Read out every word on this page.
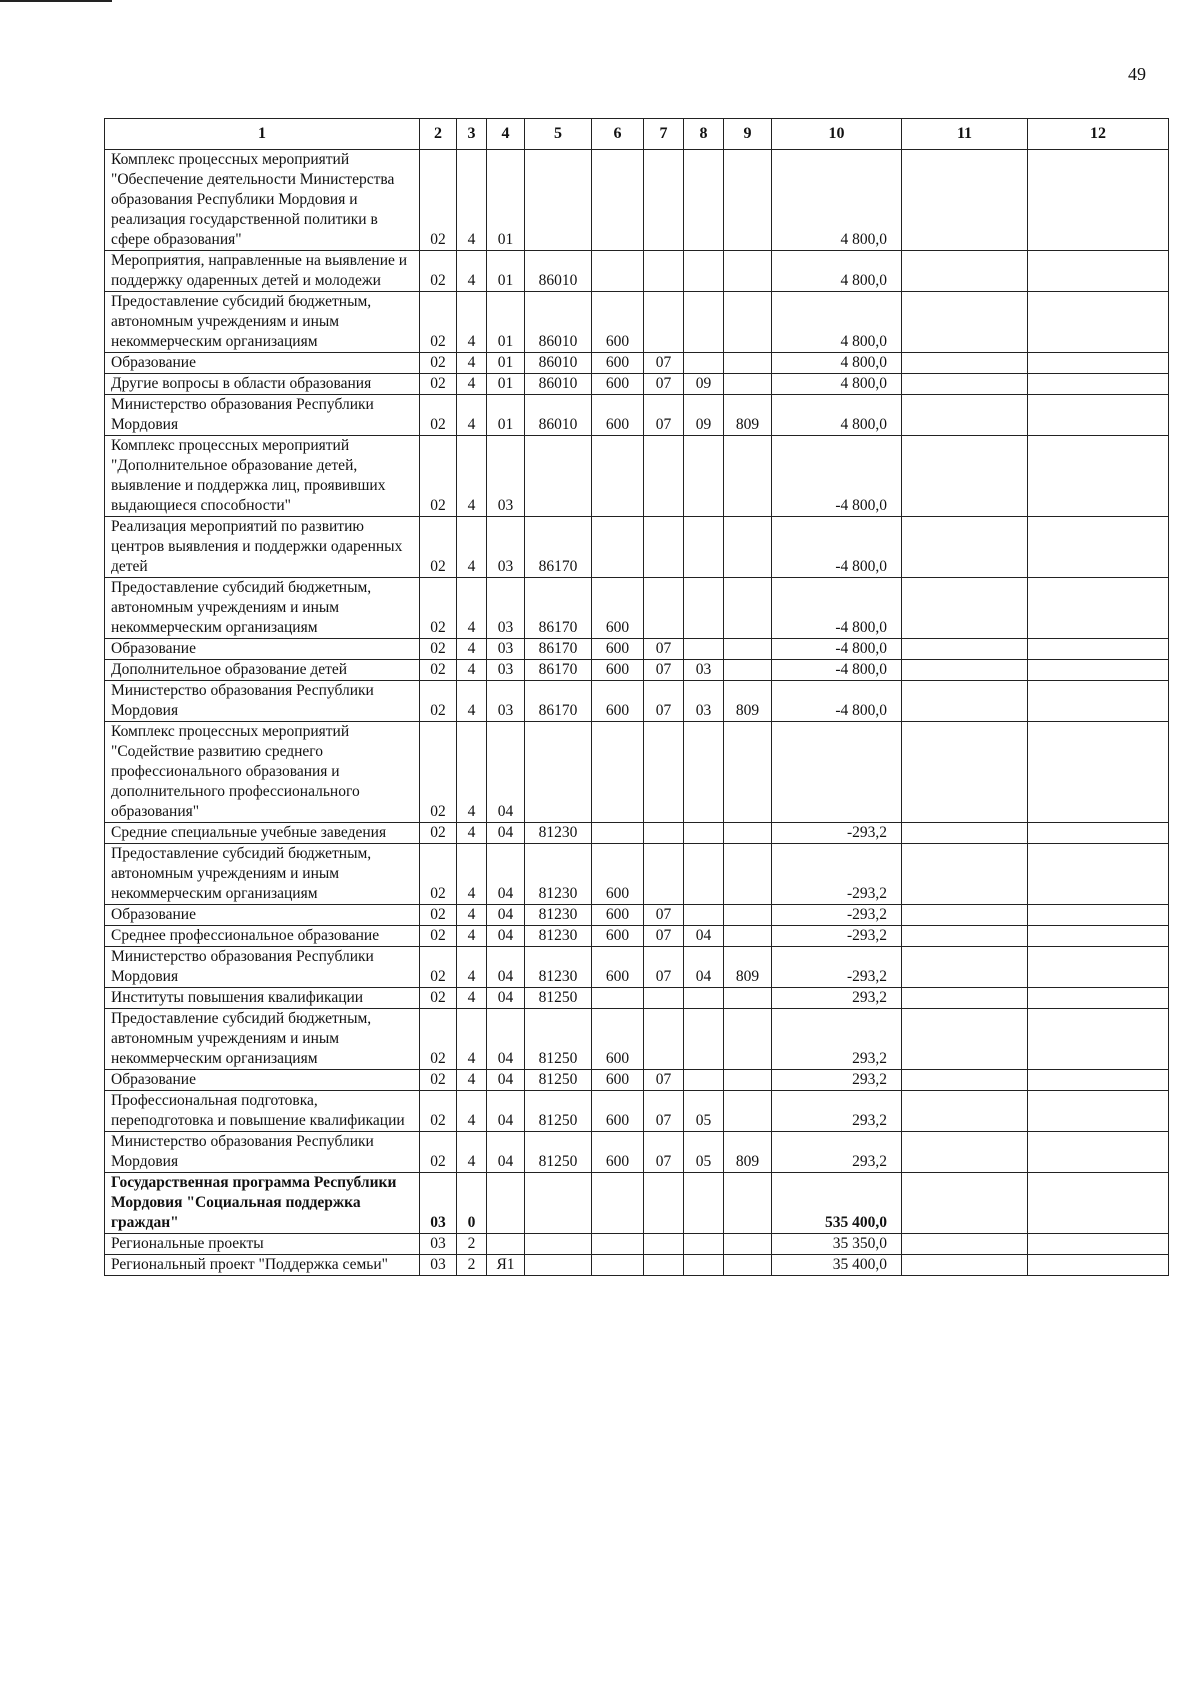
49
1	2	3	4	5	6	7	8	9	10	11	12
Комплекс процессных мероприятий "Обеспечение деятельности Министерства образования Республики Мордовия и реализация государственной политики в сфере образования"	02	4	01						4 800,0		
Мероприятия, направленные на выявление и поддержку одаренных детей и молодежи	02	4	01	86010					4 800,0		
Предоставление субсидий бюджетным, автономным учреждениям и иным некоммерческим организациям	02	4	01	86010	600				4 800,0		
Образование	02	4	01	86010	600	07			4 800,0		
Другие вопросы в области образования	02	4	01	86010	600	07	09		4 800,0		
Министерство образования Республики Мордовия	02	4	01	86010	600	07	09	809	4 800,0		
Комплекс процессных мероприятий "Дополнительное образование детей, выявление и поддержка лиц, проявивших выдающиеся способности"	02	4	03						-4 800,0		
Реализация мероприятий по развитию центров выявления и поддержки одаренных детей	02	4	03	86170					-4 800,0		
Предоставление субсидий бюджетным, автономным учреждениям и иным некоммерческим организациям	02	4	03	86170	600				-4 800,0		
Образование	02	4	03	86170	600	07			-4 800,0		
Дополнительное образование детей	02	4	03	86170	600	07	03		-4 800,0		
Министерство образования Республики Мордовия	02	4	03	86170	600	07	03	809	-4 800,0		
Комплекс процессных мероприятий "Содействие развитию среднего профессионального образования и дополнительного профессионального образования"	02	4	04								
Средние специальные учебные заведения	02	4	04	81230					-293,2		
Предоставление субсидий бюджетным, автономным учреждениям и иным некоммерческим организациям	02	4	04	81230	600				-293,2		
Образование	02	4	04	81230	600	07			-293,2		
Среднее профессиональное образование	02	4	04	81230	600	07	04		-293,2		
Министерство образования Республики Мордовия	02	4	04	81230	600	07	04	809	-293,2		
Институты повышения квалификации	02	4	04	81250					293,2		
Предоставление субсидий бюджетным, автономным учреждениям и иным некоммерческим организациям	02	4	04	81250	600				293,2		
Образование	02	4	04	81250	600	07			293,2		
Профессиональная подготовка, переподготовка и повышение квалификации	02	4	04	81250	600	07	05		293,2		
Министерство образования Республики Мордовия	02	4	04	81250	600	07	05	809	293,2		
Государственная программа Республики Мордовия "Социальная поддержка граждан"	03	0							535 400,0		
Региональные проекты	03	2							35 350,0		
Региональный проект "Поддержка семьи"	03	2	Я1						35 400,0		
